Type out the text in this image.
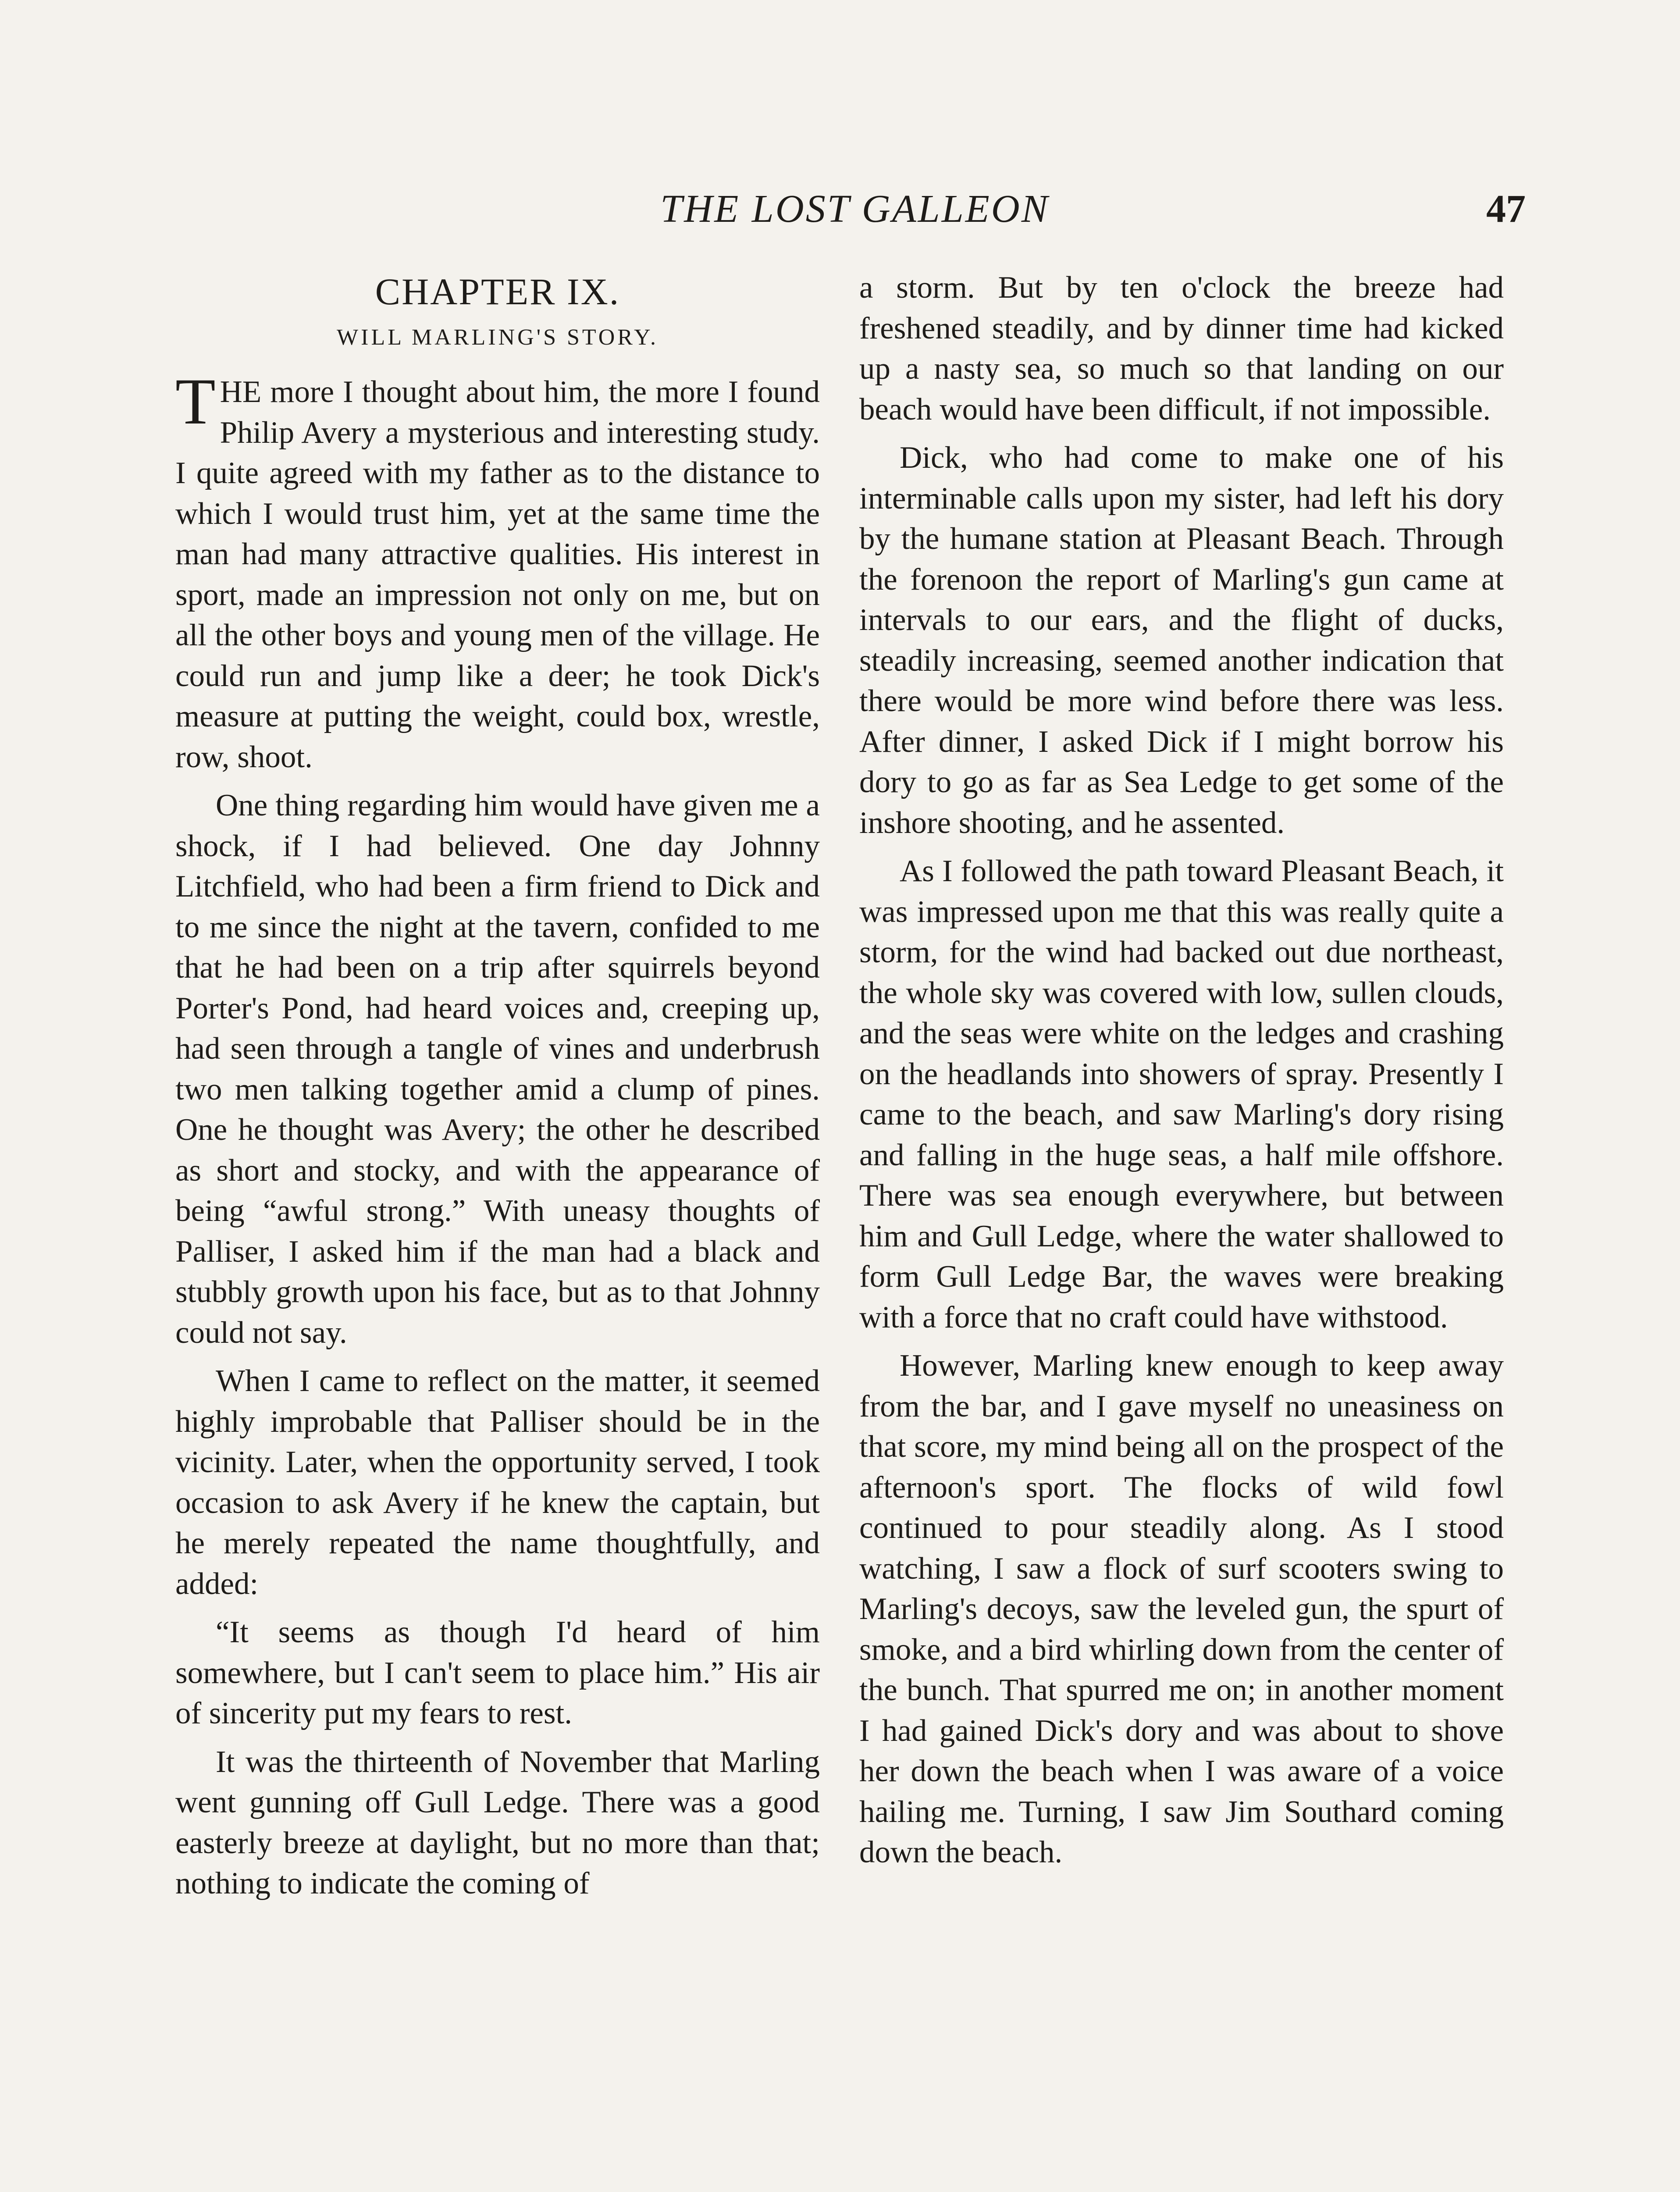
THE LOST GALLEON	47
CHAPTER IX.
WILL MARLING'S STORY.

THE more I thought about him, the more I found Philip Avery a mysterious and interesting study. I quite agreed with my father as to the distance to which I would trust him, yet at the same time the man had many attractive qualities. His interest in sport, made an impression not only on me, but on all the other boys and young men of the village. He could run and jump like a deer; he took Dick's measure at putting the weight, could box, wrestle, row, shoot.

One thing regarding him would have given me a shock, if I had believed. One day Johnny Litchfield, who had been a firm friend to Dick and to me since the night at the tavern, confided to me that he had been on a trip after squirrels beyond Porter's Pond, had heard voices and, creeping up, had seen through a tangle of vines and underbrush two men talking together amid a clump of pines. One he thought was Avery; the other he described as short and stocky, and with the appearance of being “awful strong.” With uneasy thoughts of Palliser, I asked him if the man had a black and stubbly growth upon his face, but as to that Johnny could not say.

When I came to reflect on the matter, it seemed highly improbable that Palliser should be in the vicinity. Later, when the opportunity served, I took occasion to ask Avery if he knew the captain, but he merely repeated the name thoughtfully, and added:

“It seems as though I'd heard of him somewhere, but I can't seem to place him.” His air of sincerity put my fears to rest.

It was the thirteenth of November that Marling went gunning off Gull Ledge. There was a good easterly breeze at daylight, but no more than that; nothing to indicate the coming of

a storm. But by ten o'clock the breeze had freshened steadily, and by dinner time had kicked up a nasty sea, so much so that landing on our beach would have been difficult, if not impossible.

Dick, who had come to make one of his interminable calls upon my sister, had left his dory by the humane station at Pleasant Beach. Through the forenoon the report of Marling's gun came at intervals to our ears, and the flight of ducks, steadily increasing, seemed another indication that there would be more wind before there was less. After dinner, I asked Dick if I might borrow his dory to go as far as Sea Ledge to get some of the inshore shooting, and he assented.

As I followed the path toward Pleasant Beach, it was impressed upon me that this was really quite a storm, for the wind had backed out due northeast, the whole sky was covered with low, sullen clouds, and the seas were white on the ledges and crashing on the headlands into showers of spray. Presently I came to the beach, and saw Marling's dory rising and falling in the huge seas, a half mile offshore. There was sea enough everywhere, but between him and Gull Ledge, where the water shallowed to form Gull Ledge Bar, the waves were breaking with a force that no craft could have withstood.

However, Marling knew enough to keep away from the bar, and I gave myself no uneasiness on that score, my mind being all on the prospect of the afternoon's sport. The flocks of wild fowl continued to pour steadily along. As I stood watching, I saw a flock of surf scooters swing to Marling's decoys, saw the leveled gun, the spurt of smoke, and a bird whirling down from the center of the bunch. That spurred me on; in another moment I had gained Dick's dory and was about to shove her down the beach when I was aware of a voice hailing me. Turning, I saw Jim Southard coming down the beach.
